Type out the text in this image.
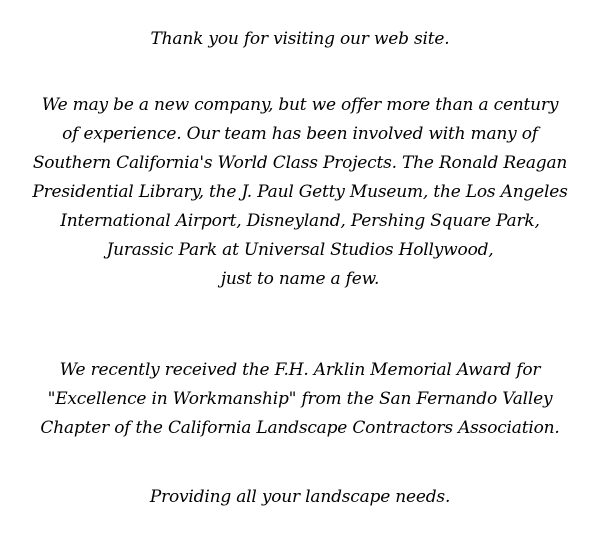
Thank you for visiting our web site.
We may be a new company, but we offer more than a century
of experience. Our team has been involved with many of
Southern California's World Class Projects. The Ronald Reagan
Presidential Library, the J. Paul Getty Museum, the Los Angeles
International Airport, Disneyland, Pershing Square Park,
Jurassic Park at Universal Studios Hollywood,
just to name a few.
We recently received the F.H. Arklin Memorial Award for
"Excellence in Workmanship" from the San Fernando Valley
Chapter of the California Landscape Contractors Association.
Providing all your landscape needs.
